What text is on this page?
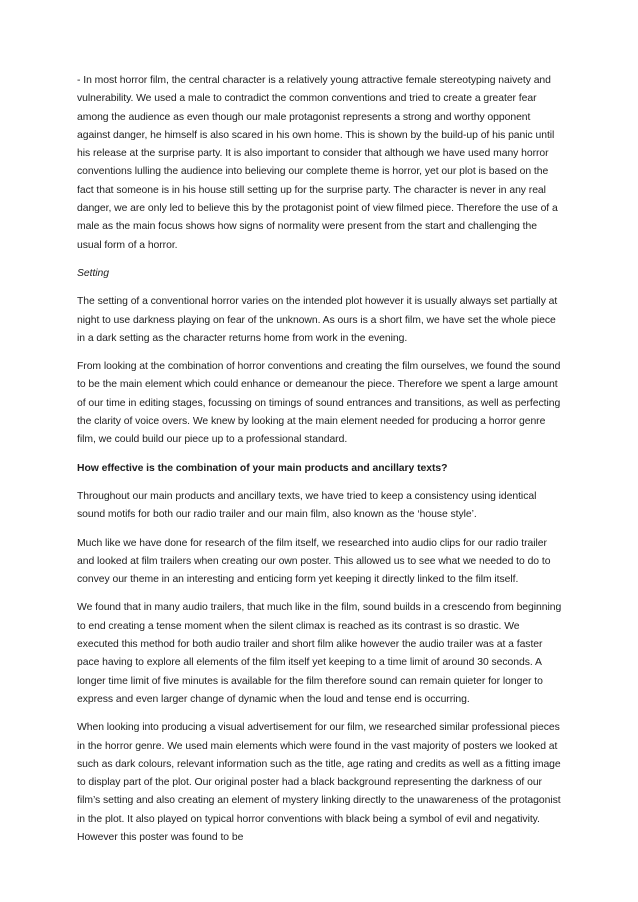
- In most horror film, the central character is a relatively young attractive female stereotyping naivety and vulnerability. We used a male to contradict the common conventions and tried to create a greater fear among the audience as even though our male protagonist represents a strong and worthy opponent against danger, he himself is also scared in his own home. This is shown by the build-up of his panic until his release at the surprise party. It is also important to consider that although we have used many horror conventions lulling the audience into believing our complete theme is horror, yet our plot is based on the fact that someone is in his house still setting up for the surprise party. The character is never in any real danger, we are only led to believe this by the protagonist point of view filmed piece. Therefore the use of a male as the main focus shows how signs of normality were present from the start and challenging the usual form of a horror.

Setting

The setting of a conventional horror varies on the intended plot however it is usually always set partially at night to use darkness playing on fear of the unknown. As ours is a short film, we have set the whole piece in a dark setting as the character returns home from work in the evening.

From looking at the combination of horror conventions and creating the film ourselves, we found the sound to be the main element which could enhance or demeanour the piece. Therefore we spent a large amount of our time in editing stages, focussing on timings of sound entrances and transitions, as well as perfecting the clarity of voice overs. We knew by looking at the main element needed for producing a horror genre film, we could build our piece up to a professional standard.

How effective is the combination of your main products and ancillary texts?

Throughout our main products and ancillary texts, we have tried to keep a consistency using identical sound motifs for both our radio trailer and our main film, also known as the ‘house style’.

Much like we have done for research of the film itself, we researched into audio clips for our radio trailer and looked at film trailers when creating our own poster. This allowed us to see what we needed to do to convey our theme in an interesting and enticing form yet keeping it directly linked to the film itself.

We found that in many audio trailers, that much like in the film, sound builds in a crescendo from beginning to end creating a tense moment when the silent climax is reached as its contrast is so drastic. We executed this method for both audio trailer and short film alike however the audio trailer was at a faster pace having to explore all elements of the film itself yet keeping to a time limit of around 30 seconds. A longer time limit of five minutes is available for the film therefore sound can remain quieter for longer to express and even larger change of dynamic when the loud and tense end is occurring.

When looking into producing a visual advertisement for our film, we researched similar professional pieces in the horror genre. We used main elements which were found in the vast majority of posters we looked at such as dark colours, relevant information such as the title, age rating and credits as well as a fitting image to display part of the plot. Our original poster had a black background representing the darkness of our film’s setting and also creating an element of mystery linking directly to the unawareness of the protagonist in the plot. It also played on typical horror conventions with black being a symbol of evil and negativity. However this poster was found to be
